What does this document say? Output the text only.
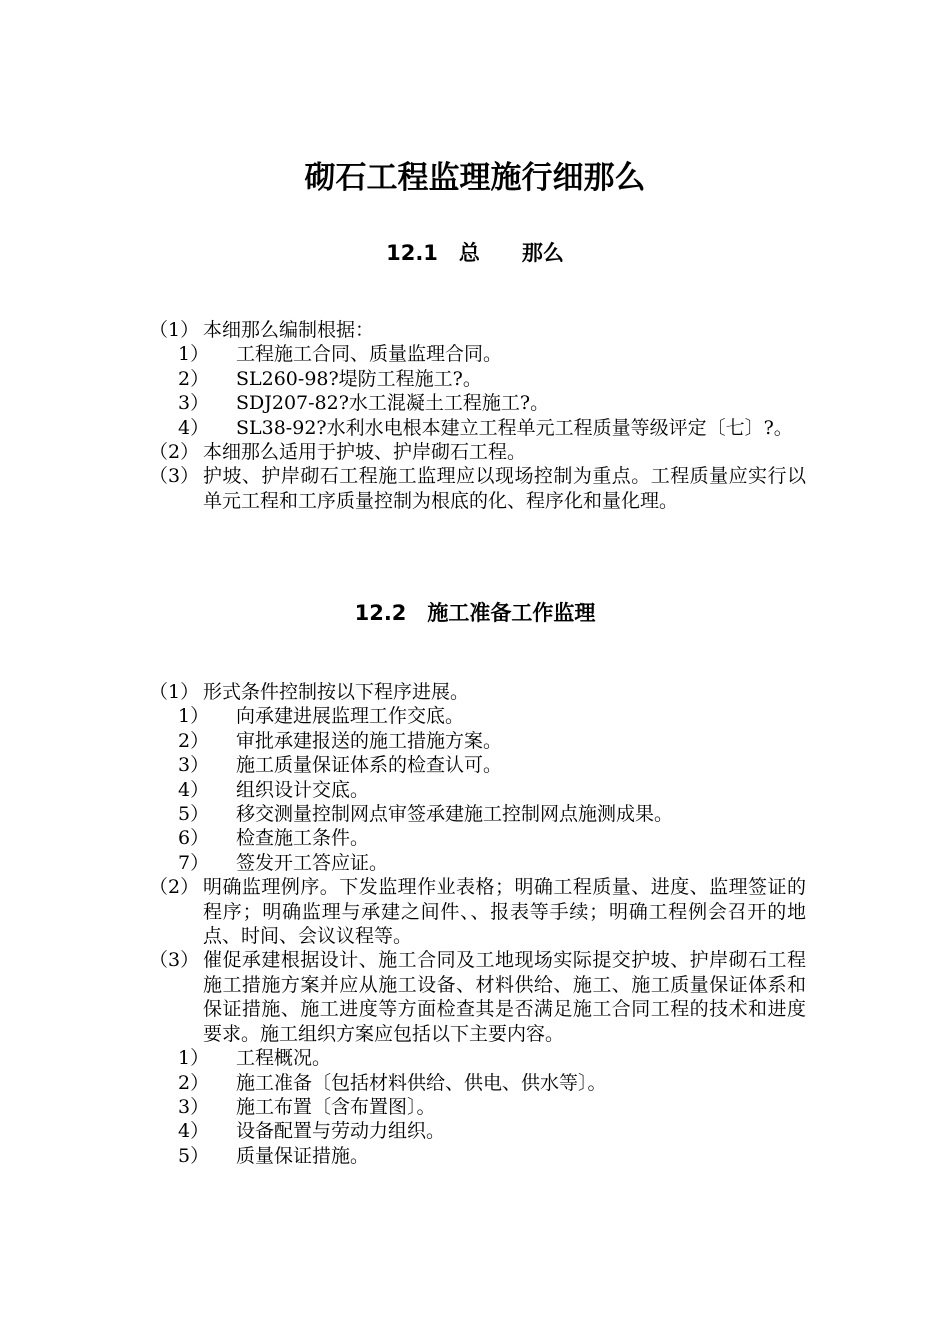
砌石工程监理施行细那么
12.1　总　　那么
（1） 本细那么编制根据：
1） 工程施工合同、质量监理合同。
2） SL260-98?堤防工程施工?。
3） SDJ207-82?水工混凝土工程施工?。
4） SL38-92?水利水电根本建立工程单元工程质量等级评定〔七〕?。
（2） 本细那么适用于护坡、护岸砌石工程。
（3） 护坡、护岸砌石工程施工监理应以现场控制为重点。工程质量应实行以单元工程和工序质量控制为根底的化、程序化和量化理。
12.2　施工准备工作监理
（1） 形式条件控制按以下程序进展。
1） 向承建进展监理工作交底。
2） 审批承建报送的施工措施方案。
3） 施工质量保证体系的检查认可。
4） 组织设计交底。
5） 移交测量控制网点审签承建施工控制网点施测成果。
6） 检查施工条件。
7） 签发开工答应证。
（2） 明确监理例序。下发监理作业表格；明确工程质量、进度、监理签证的程序；明确监理与承建之间件、、报表等手续；明确工程例会召开的地点、时间、会议议程等。
（3） 催促承建根据设计、施工合同及工地现场实际提交护坡、护岸砌石工程施工措施方案并应从施工设备、材料供给、施工、施工质量保证体系和保证措施、施工进度等方面检查其是否满足施工合同工程的技术和进度要求。施工组织方案应包括以下主要内容。
1） 工程概况。
2） 施工准备〔包括材料供给、供电、供水等〕。
3） 施工布置〔含布置图〕。
4） 设备配置与劳动力组织。
5） 质量保证措施。
